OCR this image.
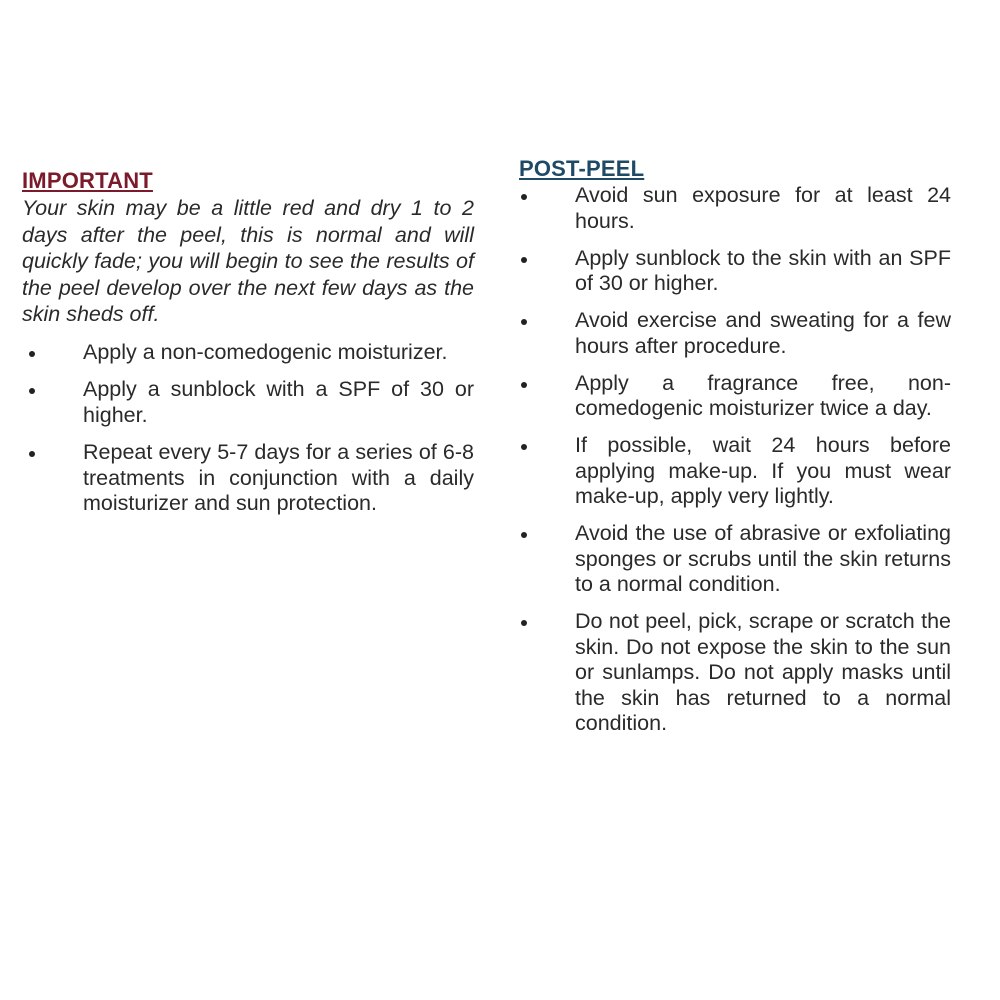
IMPORTANT

Your skin may be a little red and dry 1 to 2 days after the peel, this is normal and will quickly fade; you will begin to see the results of the peel develop over the next few days as the skin sheds off.

Apply a non-comedogenic moisturizer.
Apply a sunblock with a SPF of 30 or higher.
Repeat every 5-7 days for a series of 6-8 treatments in conjunction with a daily moisturizer and sun protection.
POST-PEEL
Avoid sun exposure for at least 24 hours.
Apply sunblock to the skin with an SPF of 30 or higher.
Avoid exercise and sweating for a few hours after procedure.
Apply a fragrance free, non-comedogenic moisturizer twice a day.
If possible, wait 24 hours before applying make-up. If you must wear make-up, apply very lightly.
Avoid the use of abrasive or exfoliating sponges or scrubs until the skin returns to a normal condition.
Do not peel, pick, scrape or scratch the skin. Do not expose the skin to the sun or sunlamps. Do not apply masks until the skin has returned to a normal condition.
